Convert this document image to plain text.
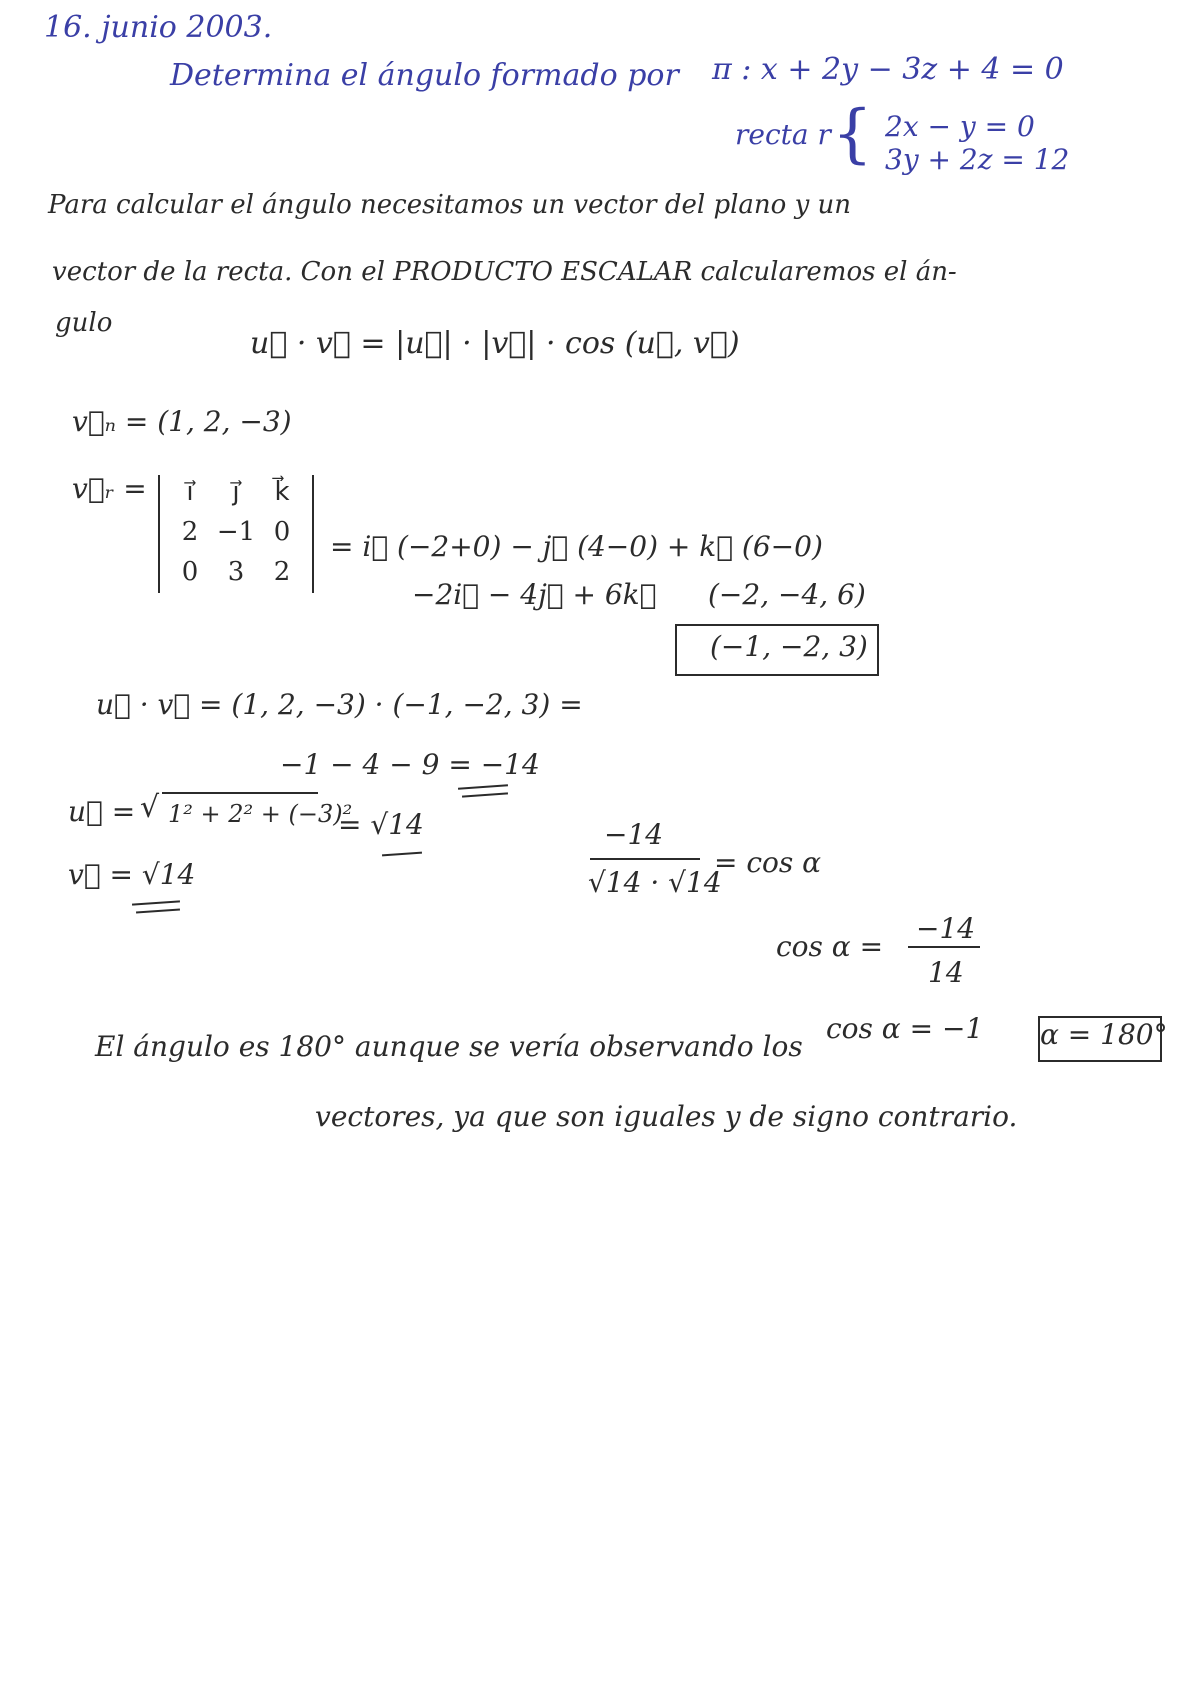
16. junio 2003.
Determina el ángulo formado por π : x + 2y − 3z + 4 = 0
recta r { 2x − y = 0
3y + 2z = 12
Para calcular el ángulo necesitamos un vector del plano y un
vector de la recta. Con el PRODUCTO ESCALAR calcularemos el án-
gulo
u⃗ · v⃗ = |u⃗| · |v⃗| · cos (u⃗, v⃗)
v⃗ₙ = (1, 2, −3)
v⃗ᵣ =	i⃗	j⃗	k⃗
2 −1 0
0	3	2
= i⃗ (−2+0) − j⃗ (4−0) + k⃗ (6−0)
−2i⃗ − 4j⃗ + 6k⃗ (−2, −4, 6)
(−1, −2, 3)
u⃗ · v⃗ = (1, 2, −3) · (−1, −2, 3) =
−1 − 4 − 9 = −14
u⃗ = √ 1² + 2² + (−3)²
= √14
v⃗ = √14
−14
√14 · √14
= cos α
cos α =
−14
14
cos α = −1 α = 180°
El ángulo es 180° aunque se vería observando los
vectores, ya que son iguales y de signo contrario.
